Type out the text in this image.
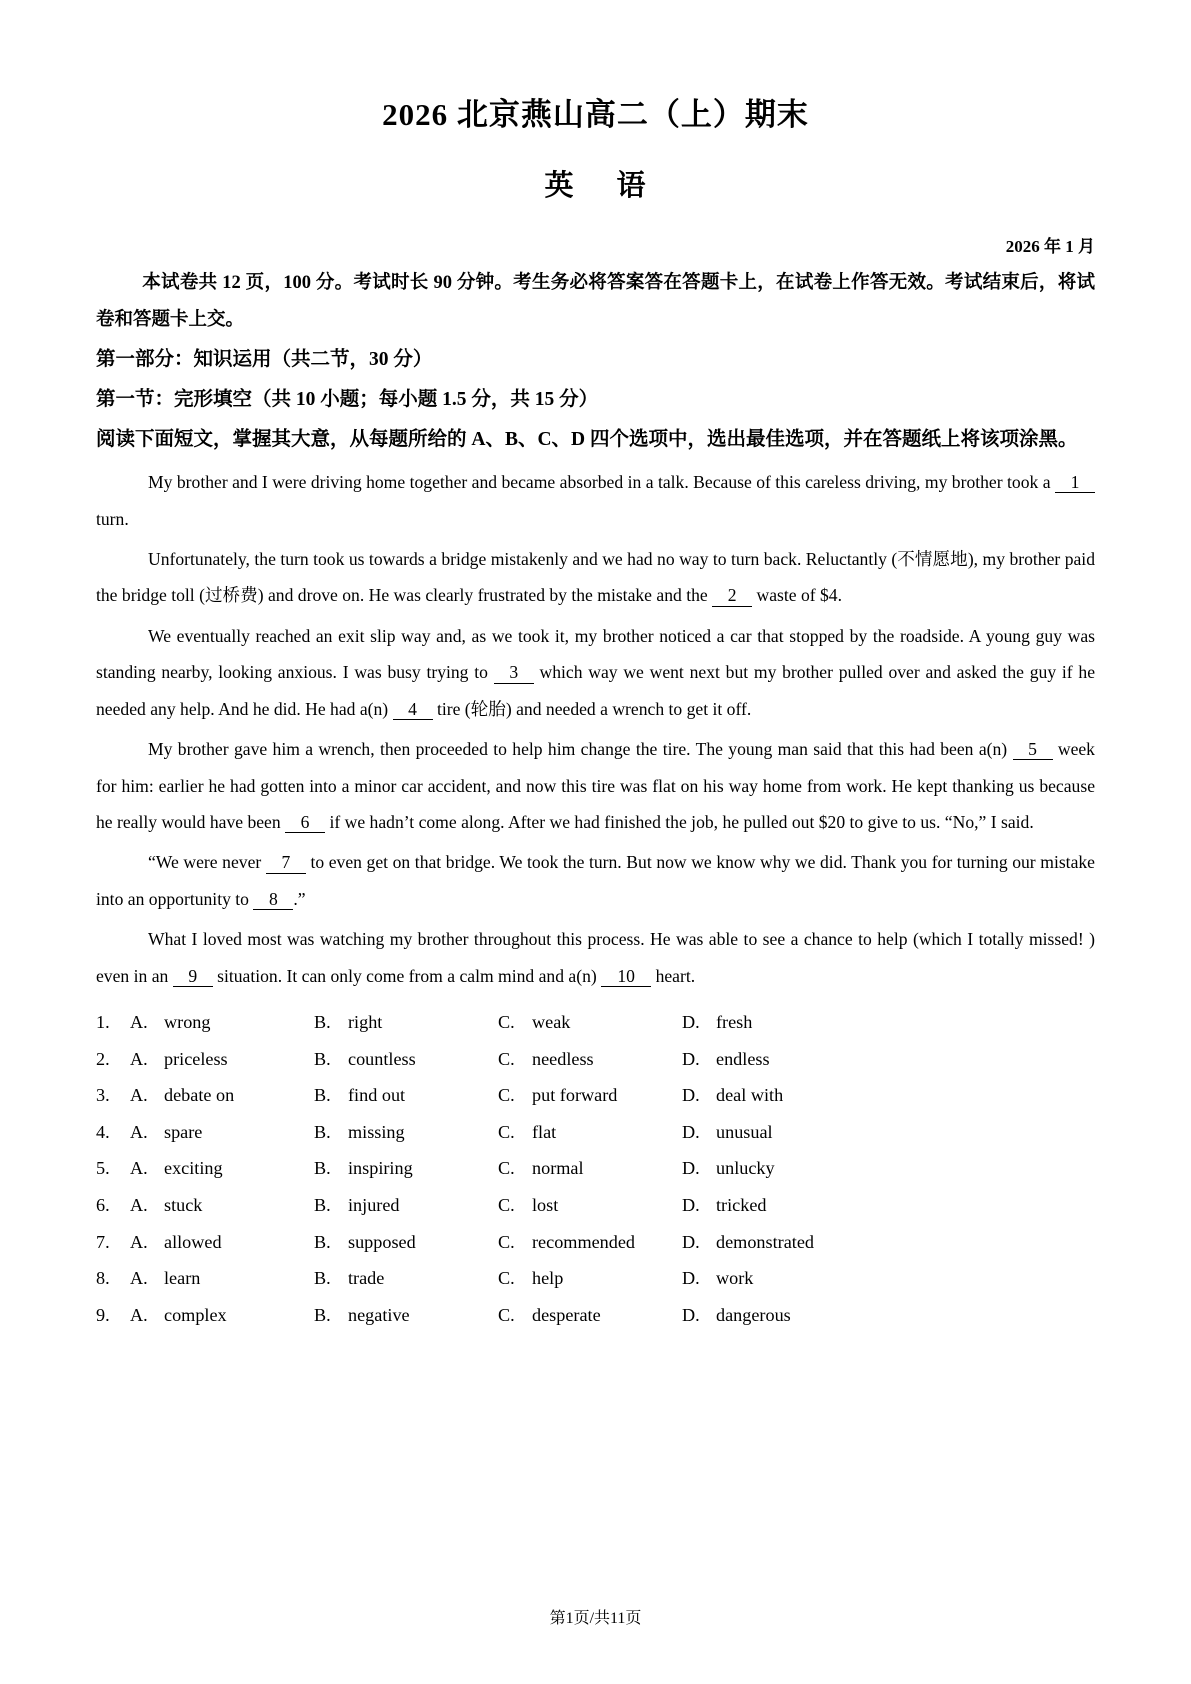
2026 北京燕山高二（上）期末
英 语
2026 年 1 月

本试卷共 12 页，100 分。考试时长 90 分钟。考生务必将答案答在答题卡上，在试卷上作答无效。考试结束后，将试卷和答题卡上交。

第一部分：知识运用（共二节，30 分）

第一节：完形填空（共 10 小题；每小题 1.5 分，共 15 分）

阅读下面短文，掌握其大意，从每题所给的 A、B、C、D 四个选项中，选出最佳选项，并在答题纸上将该项涂黑。

My brother and I were driving home together and became absorbed in a talk. Because of this careless driving, my brother took a 1 turn.

Unfortunately, the turn took us towards a bridge mistakenly and we had no way to turn back. Reluctantly (不情愿地), my brother paid the bridge toll (过桥费) and drove on. He was clearly frustrated by the mistake and the 2 waste of $4.

We eventually reached an exit slip way and, as we took it, my brother noticed a car that stopped by the roadside. A young guy was standing nearby, looking anxious. I was busy trying to 3 which way we went next but my brother pulled over and asked the guy if he needed any help. And he did. He had a(n) 4 tire (轮胎) and needed a wrench to get it off.

My brother gave him a wrench, then proceeded to help him change the tire. The young man said that this had been a(n) 5 week for him: earlier he had gotten into a minor car accident, and now this tire was flat on his way home from work. He kept thanking us because he really would have been 6 if we hadn’t come along. After we had finished the job, he pulled out $20 to give to us. “No,” I said.

“We were never 7 to even get on that bridge. We took the turn. But now we know why we did. Thank you for turning our mistake into an opportunity to 8 .”

What I loved most was watching my brother throughout this process. He was able to see a chance to help (which I totally missed! ) even in an 9 situation. It can only come from a calm mind and a(n) 10 heart.

1.	A. wrong	B. right	C. weak	D. fresh
2.	A. priceless	B. countless	C. needless	D. endless
3.	A. debate on	B. find out	C. put forward	D. deal with
4.	A. spare	B. missing	C. flat	D. unusual
5.	A. exciting	B. inspiring	C. normal	D. unlucky
6.	A. stuck	B. injured	C. lost	D. tricked
7.	A. allowed	B. supposed	C. recommended	D. demonstrated
8.	A. learn	B. trade	C. help	D. work
9.	A. complex	B. negative	C. desperate	D. dangerous
第1页/共11页
